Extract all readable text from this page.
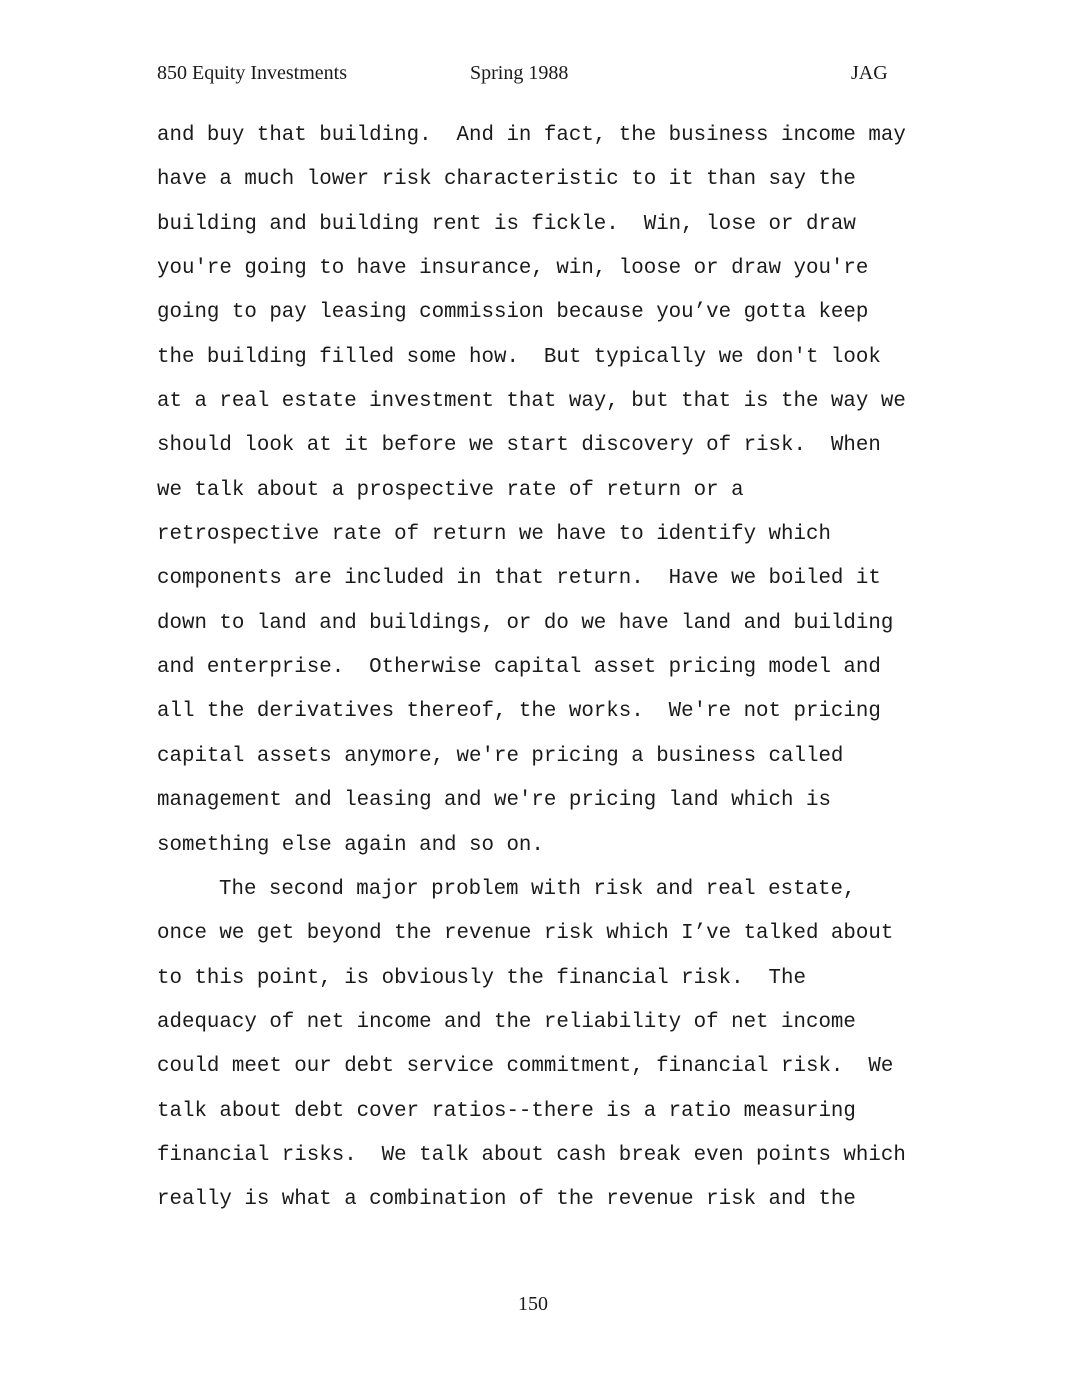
850 Equity Investments	Spring 1988	JAG
and buy that building.  And in fact, the business income may
have a much lower risk characteristic to it than say the
building and building rent is fickle.  Win, lose or draw
you're going to have insurance, win, loose or draw you're
going to pay leasing commission because you’ve gotta keep
the building filled some how.  But typically we don't look
at a real estate investment that way, but that is the way we
should look at it before we start discovery of risk.  When
we talk about a prospective rate of return or a
retrospective rate of return we have to identify which
components are included in that return.  Have we boiled it
down to land and buildings, or do we have land and building
and enterprise.  Otherwise capital asset pricing model and
all the derivatives thereof, the works.  We're not pricing
capital assets anymore, we're pricing a business called
management and leasing and we're pricing land which is
something else again and so on.
The second major problem with risk and real estate,
once we get beyond the revenue risk which I’ve talked about
to this point, is obviously the financial risk.  The
adequacy of net income and the reliability of net income
could meet our debt service commitment, financial risk.  We
talk about debt cover ratios--there is a ratio measuring
financial risks.  We talk about cash break even points which
really is what a combination of the revenue risk and the
150
